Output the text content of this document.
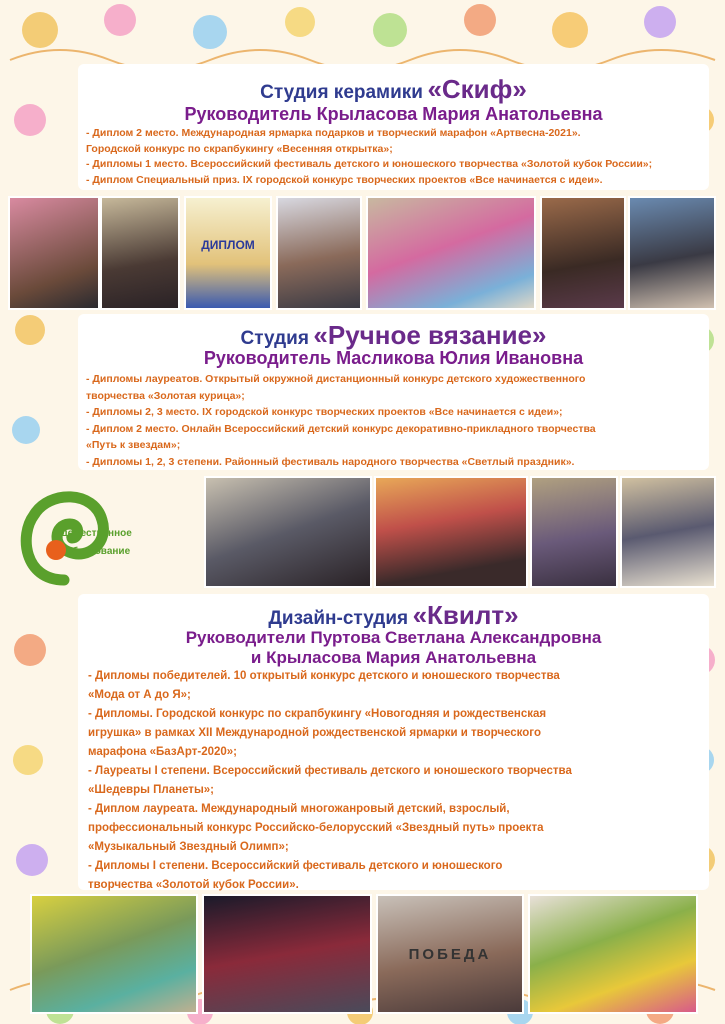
Студия керамики «Скиф»
Руководитель Крыласова Мария Анатольевна
- Диплом 2 место. Международная ярмарка подарков и творческий марафон «Артвесна-2021».
Городской конкурс по скрапбукингу «Весенняя открытка»;
- Дипломы 1 место. Всероссийский фестиваль детского и юношеского творчества «Золотой кубок России»;
- Диплом Специальный приз. IX городской конкурс творческих проектов «Все начинается с идеи».
ДИПЛОМ
Студия «Ручное вязание»
Руководитель Масликова Юлия Ивановна
- Дипломы лауреатов. Открытый окружной дистанционный конкурс детского художественного
творчества «Золотая курица»;
- Дипломы 2, 3 место. IX городской конкурс творческих проектов «Все начинается с идеи»;
- Диплом 2 место. Онлайн Всероссийский детский конкурс декоративно-прикладного творчества
«Путь к звездам»;
- Дипломы 1, 2, 3 степени. Районный фестиваль народного творчества «Светлый праздник».
удожественное
бразование
Дизайн-студия «Квилт»
Руководители Пуртова Светлана Александровна
и Крыласова Мария Анатольевна
- Дипломы победителей. 10 открытый конкурс детского и юношеского творчества
«Мода от А до Я»;
- Дипломы. Городской конкурс по скрапбукингу «Новогодняя и рождественская
игрушка» в рамках XII Международной рождественской ярмарки и творческого
марафона «БазАрт-2020»;
- Лауреаты I степени. Всероссийский фестиваль детского и юношеского творчества
«Шедевры Планеты»;
- Диплом лауреата. Международный многожанровый детский, взрослый,
профессиональный конкурс Российско-белорусский «Звездный путь» проекта
«Музыкальный Звездный Олимп»;
- Дипломы I степени. Всероссийский фестиваль детского и юношеского
творчества «Золотой кубок России».
ПОБЕДА
